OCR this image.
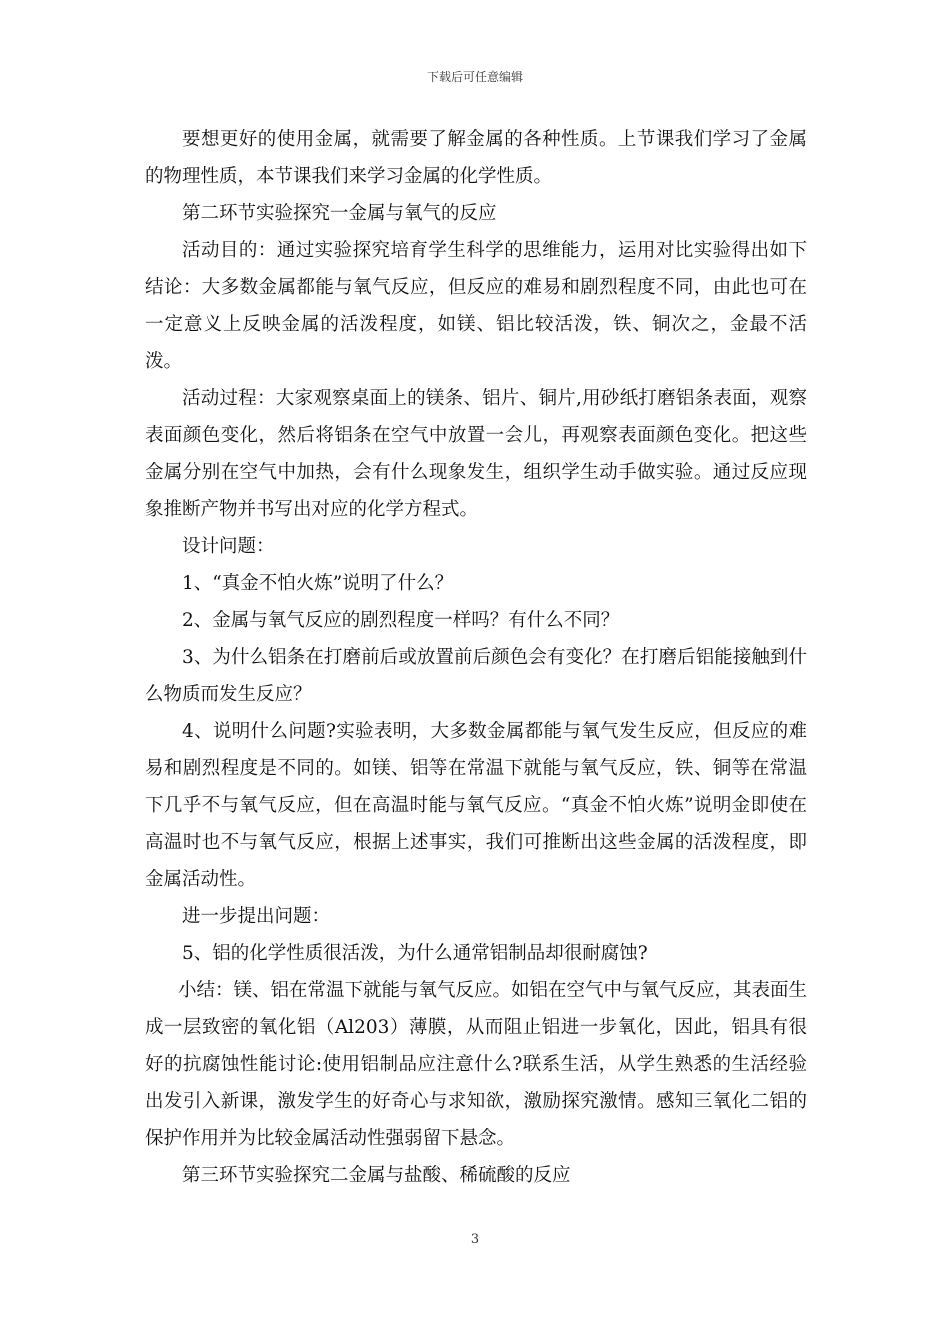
下载后可任意编辑

要想更好的使用金属，就需要了解金属的各种性质。上节课我们学习了金属的物理性质，本节课我们来学习金属的化学性质。

第二环节实验探究一金属与氧气的反应

活动目的：通过实验探究培育学生科学的思维能力，运用对比实验得出如下结论：大多数金属都能与氧气反应，但反应的难易和剧烈程度不同，由此也可在一定意义上反映金属的活泼程度，如镁、铝比较活泼，铁、铜次之，金最不活泼。

活动过程：大家观察桌面上的镁条、铝片、铜片,用砂纸打磨铝条表面，观察表面颜色变化，然后将铝条在空气中放置一会儿，再观察表面颜色变化。把这些金属分别在空气中加热，会有什么现象发生，组织学生动手做实验。通过反应现象推断产物并书写出对应的化学方程式。

设计问题：

1、“真金不怕火炼”说明了什么？

2、金属与氧气反应的剧烈程度一样吗？有什么不同？

3、为什么铝条在打磨前后或放置前后颜色会有变化？在打磨后铝能接触到什么物质而发生反应？

4、说明什么问题?实验表明，大多数金属都能与氧气发生反应，但反应的难易和剧烈程度是不同的。如镁、铝等在常温下就能与氧气反应，铁、铜等在常温下几乎不与氧气反应，但在高温时能与氧气反应。“真金不怕火炼”说明金即使在高温时也不与氧气反应，根据上述事实，我们可推断出这些金属的活泼程度，即金属活动性。

进一步提出问题：

5、铝的化学性质很活泼，为什么通常铝制品却很耐腐蚀?

小结：镁、铝在常温下就能与氧气反应。如铝在空气中与氧气反应，其表面生成一层致密的氧化铝（Al203）薄膜，从而阻止铝进一步氧化，因此，铝具有很好的抗腐蚀性能讨论:使用铝制品应注意什么?联系生活，从学生熟悉的生活经验出发引入新课，激发学生的好奇心与求知欲，激励探究激情。感知三氧化二铝的保护作用并为比较金属活动性强弱留下悬念。

第三环节实验探究二金属与盐酸、稀硫酸的反应

3
